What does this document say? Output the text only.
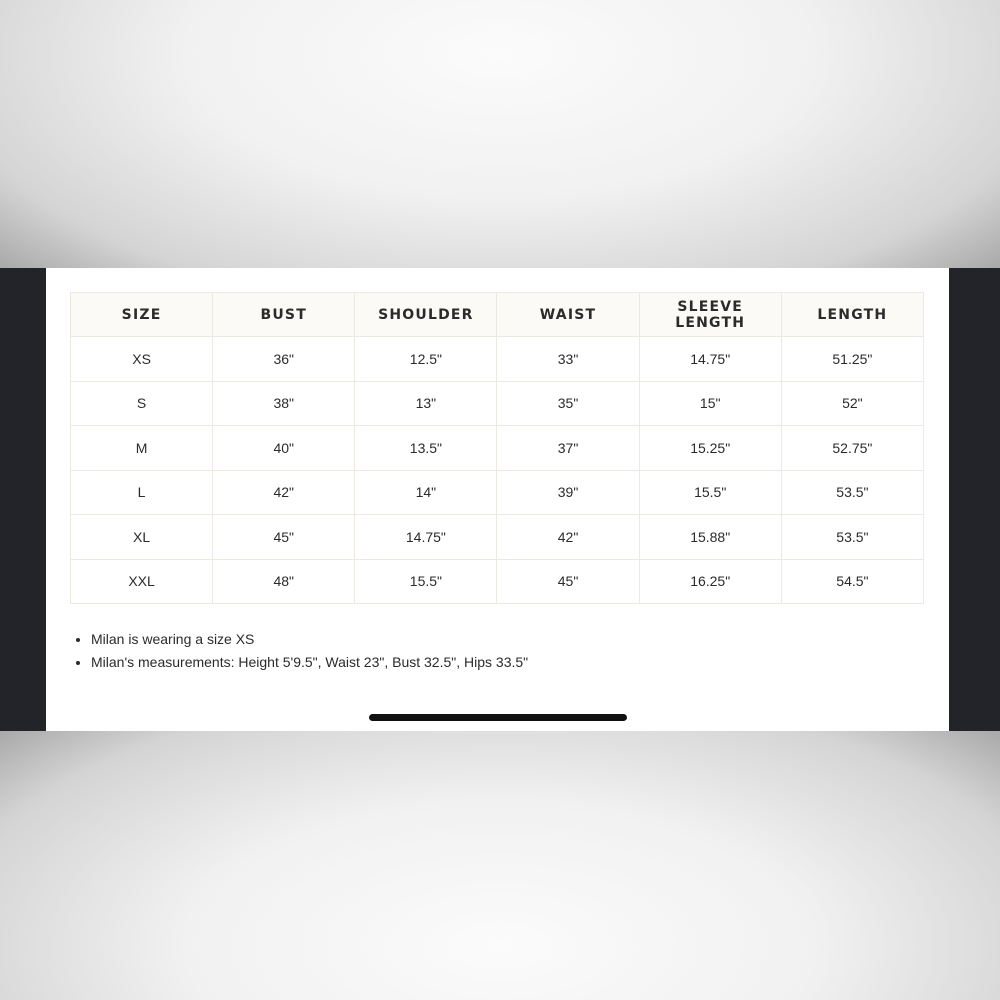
SIZE	BUST	SHOULDER	WAIST	SLEEVE LENGTH	LENGTH
XS	36"	12.5"	33"	14.75"	51.25"
S	38"	13"	35"	15"	52"
M	40"	13.5"	37"	15.25"	52.75"
L	42"	14"	39"	15.5"	53.5"
XL	45"	14.75"	42"	15.88"	53.5"
XXL	48"	15.5"	45"	16.25"	54.5"
• Milan is wearing a size XS
• Milan's measurements: Height 5'9.5", Waist 23", Bust 32.5", Hips 33.5"
